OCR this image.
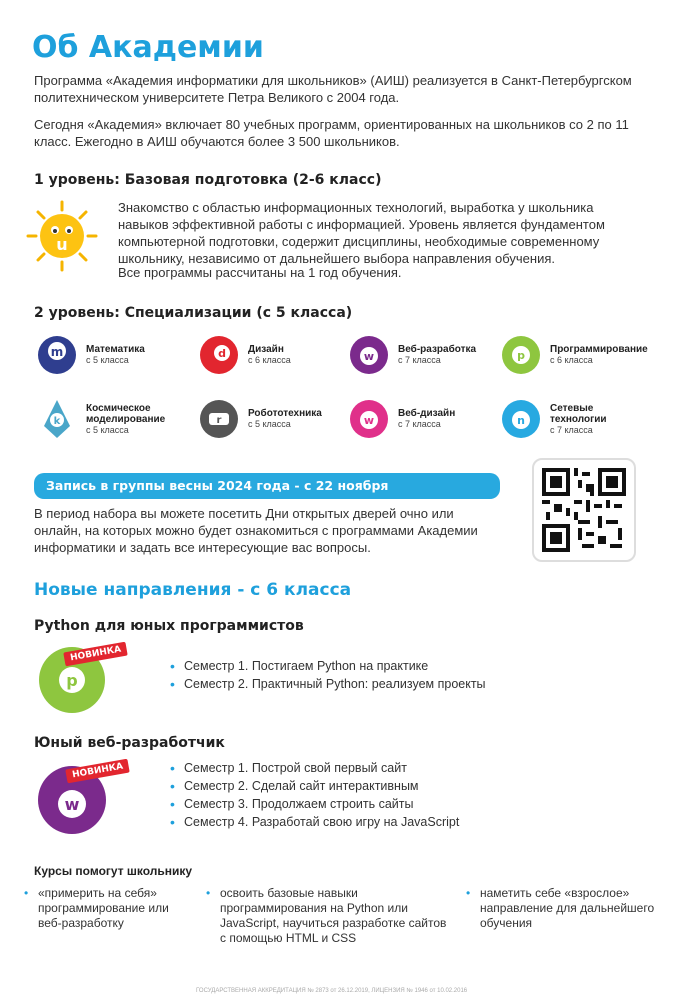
Об Академии

Программа «Академия информатики для школьников» (АИШ) реализуется в Санкт-Петербургском политехническом университете Петра Великого с 2004 года.

Сегодня «Академия» включает 80 учебных программ, ориентированных на школьников со 2 по 11 класс. Ежегодно в АИШ обучаются более 3 500 школьников.

1 уровень: Базовая подготовка (2-6 класс)
u

Знакомство с областью информационных технологий, выработка у школьника навыков эффективной работы с информацией. Уровень является фундаментом компьютерной подготовки, содержит дисциплины, необходимые современному школьнику, независимо от дальнейшего выбора направления обучения.

Все программы рассчитаны на 1 год обучения.

2 уровень: Специализации (с 5 класса)
m Математика
с 5 класса	d Дизайн
с 6 класса	w
Веб-разработка
с 7 класса	p	Программирование
с 6 класса
k
Космическое моделирование
с 5 класса
r
Робототехника
с 5 класса	w
Веб-дизайн
с 7 класса	n
Сетевые технологии
с 7 класса
Запись в группы весны 2024 года - с 22 ноября

В период набора вы можете посетить Дни открытых дверей очно или онлайн, на которых можно будет ознакомиться с программами Академии информатики и задать все интересующие вас вопросы.

Новые направления - с 6 класса
Python для юных программистов
p
НОВИНКА
• Семестр 1. Постигаем Python на практике
• Семестр 2. Практичный Python: реализуем проекты
Юный веб-разработчик
w
НОВИНКА
•	Семестр 1. Построй свой первый сайт
• Семестр 2. Сделай сайт интерактивным
• Семестр 3. Продолжаем строить сайты
• Семестр 4. Разработай свою игру на JavaScript
Курсы помогут школьнику
• «примерить на себя» программирование или веб-разработку
• освоить базовые навыки программирования на Python или JavaScript, научиться разработке сайтов с помощью HTML и CSS
• наметить себе «взрослое» направление для дальнейшего обучения
ГОСУДАРСТВЕННАЯ АККРЕДИТАЦИЯ № 2873 от 26.12.2019, ЛИЦЕНЗИЯ № 1946 от 10.02.2016
